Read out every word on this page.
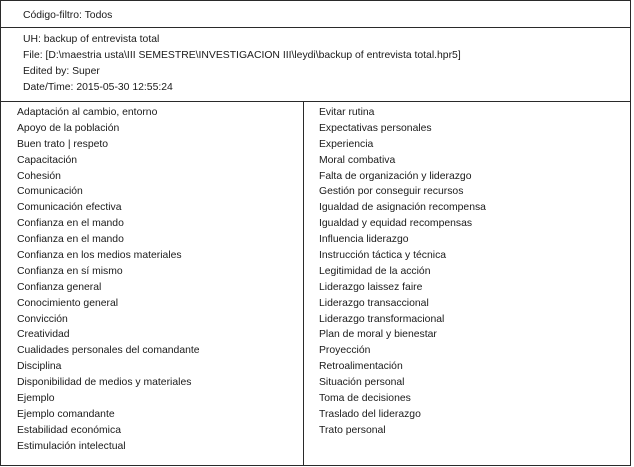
Código-filtro: Todos
UH: backup of entrevista total
File: [D:\maestria usta\III SEMESTRE\INVESTIGACION III\leydi\backup of entrevista total.hpr5]
Edited by: Super
Date/Time: 2015-05-30 12:55:24
Adaptación al cambio, entorno
Apoyo de la población
Buen trato | respeto
Capacitación
Cohesión
Comunicación
Comunicación efectiva
Confianza en el mando
Confianza en el mando
Confianza en los medios materiales
Confianza en sí mismo
Confianza general
Conocimiento general
Convicción
Creatividad
Cualidades personales del comandante
Disciplina
Disponibilidad de medios y materiales
Ejemplo
Ejemplo comandante
Estabilidad económica
Estimulación intelectual
Evitar rutina
Expectativas personales
Experiencia
Moral combativa
Falta de organización y liderazgo
Gestión por conseguir recursos
Igualdad de asignación recompensa
Igualdad y equidad recompensas
Influencia liderazgo
Instrucción táctica y técnica
Legitimidad de la acción
Liderazgo laissez faire
Liderazgo transaccional
Liderazgo transformacional
Plan de moral y bienestar
Proyección
Retroalimentación
Situación personal
Toma de decisiones
Traslado del liderazgo
Trato personal
